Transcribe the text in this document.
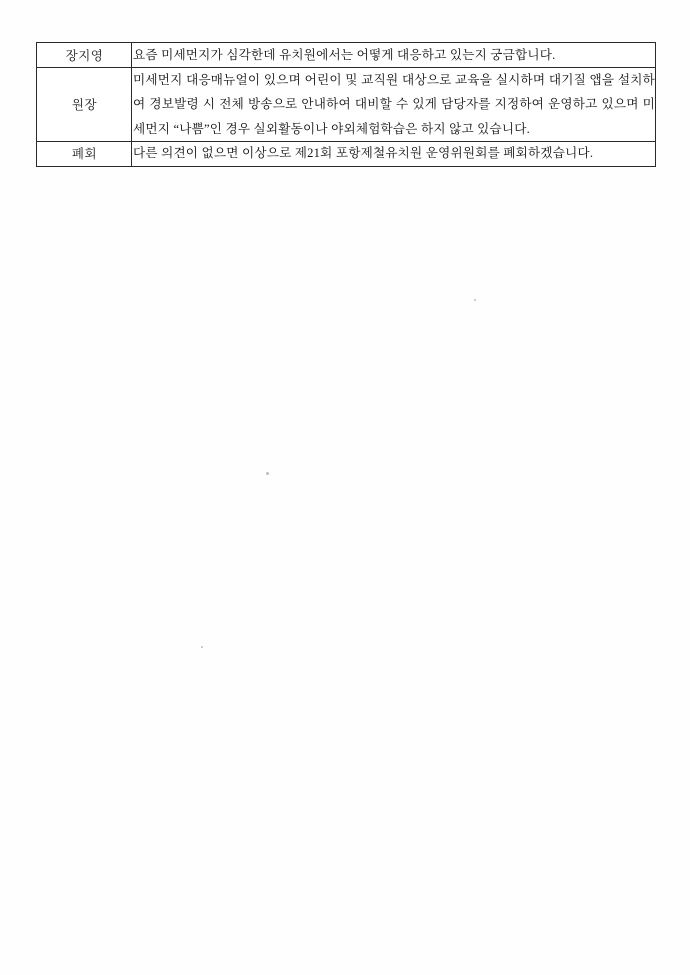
장지영		요즘 미세먼지가 심각한데 유치원에서는 어떻게 대응하고 있는지 궁금합니다.

원장		미세먼지 대응매뉴얼이 있으며 어린이 및 교직원 대상으로 교육을 실시하며 대기질 앱을 설치하여 경보발령 시 전체 방송으로 안내하여 대비할 수 있게 담당자를 지정하여 운영하고 있으며 미세먼지 “나쁨”인 경우 실외활동이나 야외체험학습은 하지 않고 있습니다.

폐회		다른 의견이 없으면 이상으로 제21회 포항제철유치원 운영위원회를 폐회하겠습니다.
